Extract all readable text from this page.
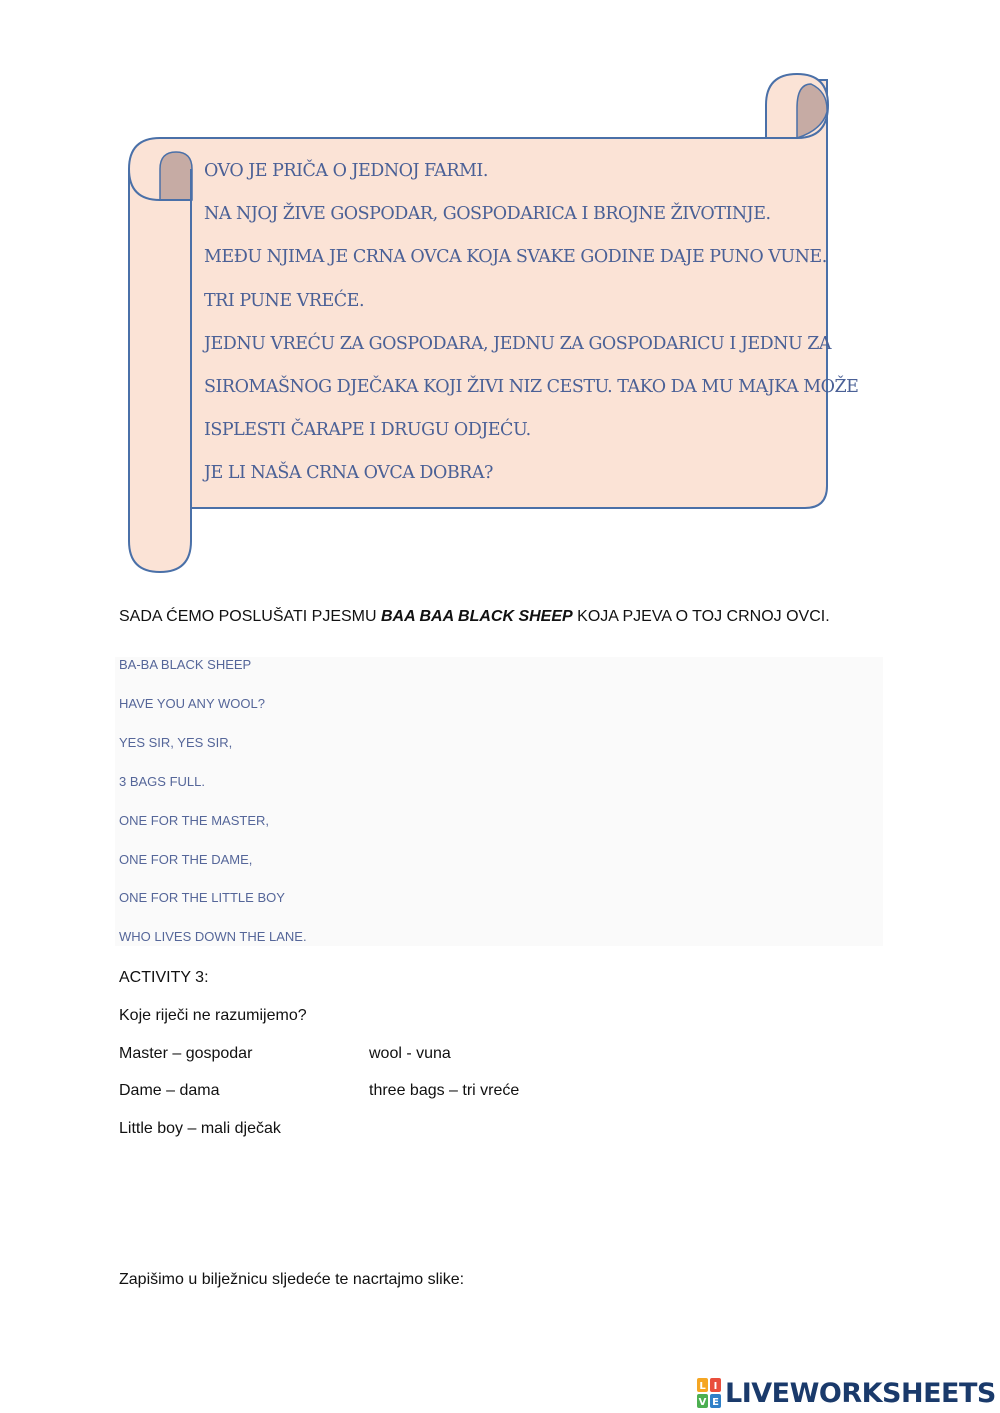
OVO JE PRIČA O JEDNOJ FARMI.
NA NJOJ ŽIVE GOSPODAR, GOSPODARICA I BROJNE ŽIVOTINJE.
MEĐU NJIMA JE CRNA OVCA KOJA SVAKE GODINE DAJE PUNO VUNE.
TRI PUNE VREĆE.
JEDNU VREĆU ZA GOSPODARA, JEDNU ZA GOSPODARICU I JEDNU ZA
SIROMAŠNOG DJEČAKA KOJI ŽIVI NIZ CESTU. TAKO DA MU MAJKA MOŽE
ISPLESTI ČARAPE I DRUGU ODJEĆU.
JE LI NAŠA CRNA OVCA DOBRA?
SADA ĆEMO POSLUŠATI PJESMU BAA BAA BLACK SHEEP KOJA PJEVA O TOJ CRNOJ OVCI.
BA-BA BLACK SHEEP
HAVE YOU ANY WOOL?
YES SIR, YES SIR,
3 BAGS FULL.
ONE FOR THE MASTER,
ONE FOR THE DAME,
ONE FOR THE LITTLE BOY
WHO LIVES DOWN THE LANE.
ACTIVITY 3:
Koje riječi ne razumijemo?
Master – gospodar	wool - vuna
Dame – dama	three bags – tri vreće
Little boy – mali dječak
Zapišimo u bilježnicu sljedeće te nacrtajmo slike:
L I
V E LIVEWORKSHEETS
